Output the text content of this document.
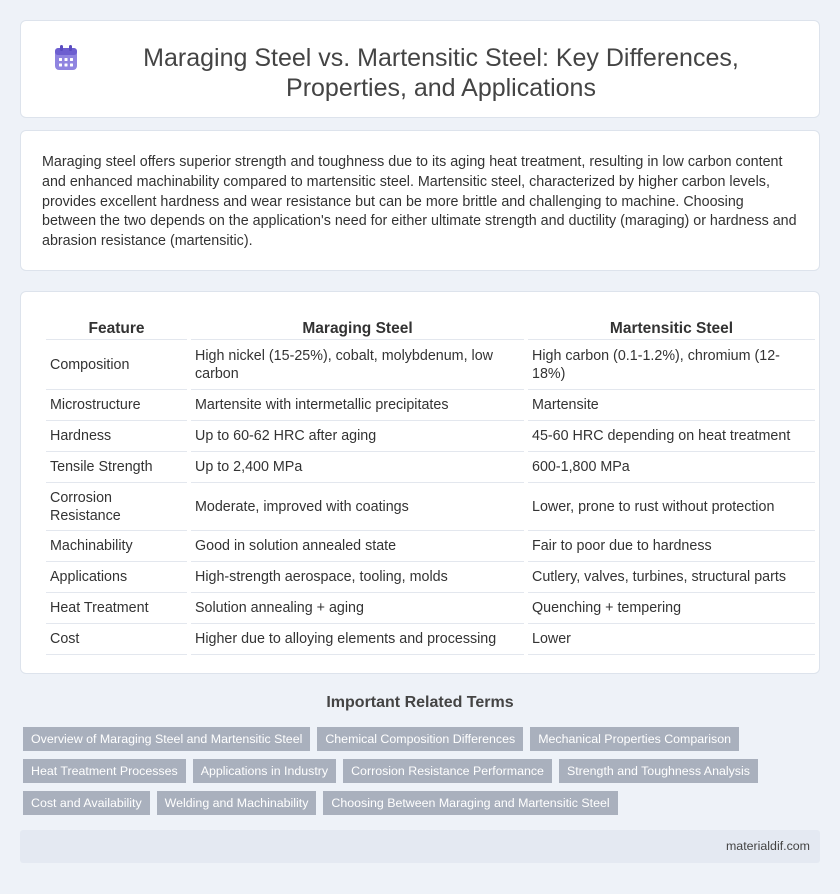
Maraging Steel vs. Martensitic Steel: Key Differences, Properties, and Applications

Maraging steel offers superior strength and toughness due to its aging heat treatment, resulting in low carbon content and enhanced machinability compared to martensitic steel. Martensitic steel, characterized by higher carbon levels, provides excellent hardness and wear resistance but can be more brittle and challenging to machine. Choosing between the two depends on the application's need for either ultimate strength and ductility (maraging) or hardness and abrasion resistance (martensitic).

Feature	Maraging Steel	Martensitic Steel
Composition	High nickel (15-25%), cobalt, molybdenum, low carbon	High carbon (0.1-1.2%), chromium (12-18%)
Microstructure	Martensite with intermetallic precipitates	Martensite
Hardness	Up to 60-62 HRC after aging	45-60 HRC depending on heat treatment
Tensile Strength	Up to 2,400 MPa	600-1,800 MPa
Corrosion Resistance	Moderate, improved with coatings	Lower, prone to rust without protection
Machinability	Good in solution annealed state	Fair to poor due to hardness
Applications	High-strength aerospace, tooling, molds	Cutlery, valves, turbines, structural parts
Heat Treatment	Solution annealing + aging	Quenching + tempering
Cost	Higher due to alloying elements and processing	Lower
Important Related Terms
Overview of Maraging Steel and Martensitic Steel	Chemical Composition Differences	Mechanical Properties Comparison
Heat Treatment Processes	Applications in Industry	Corrosion Resistance Performance	Strength and Toughness Analysis
Cost and Availability	Welding and Machinability	Choosing Between Maraging and Martensitic Steel
materialdif.com
